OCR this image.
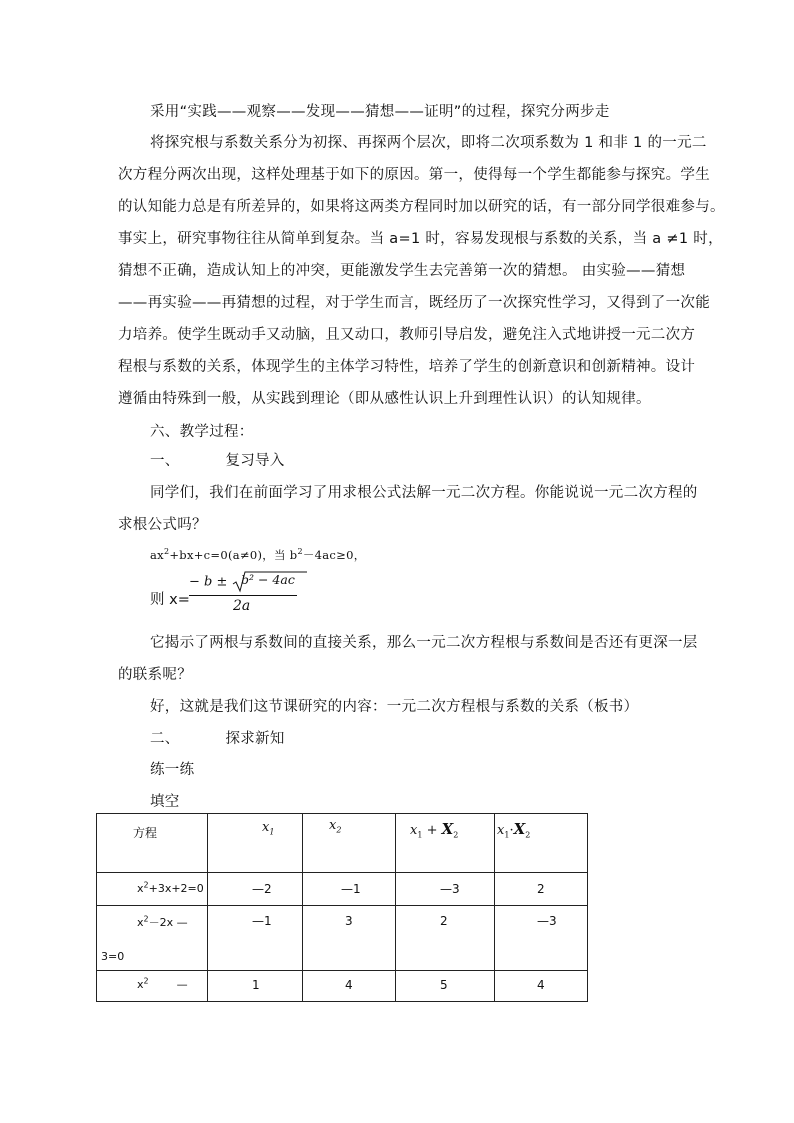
采用“实践——观察——发现——猜想——证明”的过程，探究分两步走
将探究根与系数关系分为初探、再探两个层次，即将二次项系数为 1 和非 1 的一元二
次方程分两次出现，这样处理基于如下的原因。第一，使得每一个学生都能参与探究。学生
的认知能力总是有所差异的，如果将这两类方程同时加以研究的话，有一部分同学很难参与。
事实上，研究事物往往从简单到复杂。当 a=1 时，容易发现根与系数的关系，当 a ≠1 时，
猜想不正确，造成认知上的冲突，更能激发学生去完善第一次的猜想。 由实验——猜想
——再实验——再猜想的过程，对于学生而言，既经历了一次探究性学习，又得到了一次能
力培养。使学生既动手又动脑，且又动口，教师引导启发，避免注入式地讲授一元二次方
程根与系数的关系，体现学生的主体学习特性，培养了学生的创新意识和创新精神。设计
遵循由特殊到一般，从实践到理论（即从感性认识上升到理性认识）的认知规律。
六、教学过程：
一、	复习导入
同学们，我们在前面学习了用求根公式法解一元二次方程。你能说说一元二次方程的
求根公式吗？
$ax^2+bx+c=0(a\ne 0)$，当 $b^2-4ac\ge 0$，
则 x=
− b ±	b² − 4ac
2a
它揭示了两根与系数间的直接关系，那么一元二次方程根与系数间是否还有更深一层
的联系呢？
好，这就是我们这节课研究的内容：一元二次方程根与系数的关系（板书）
二、	探求新知
练一练
填空
方程	$x_1$	$x_2$	$x_1 + X_2$	$x_1\cdot X_2$

$x^2+3x+2=0$	—2	—1	—3	2

$x^2-2x$ —
3=0	—1	3	2	—3

$x^2$ —	1	4	5	4
